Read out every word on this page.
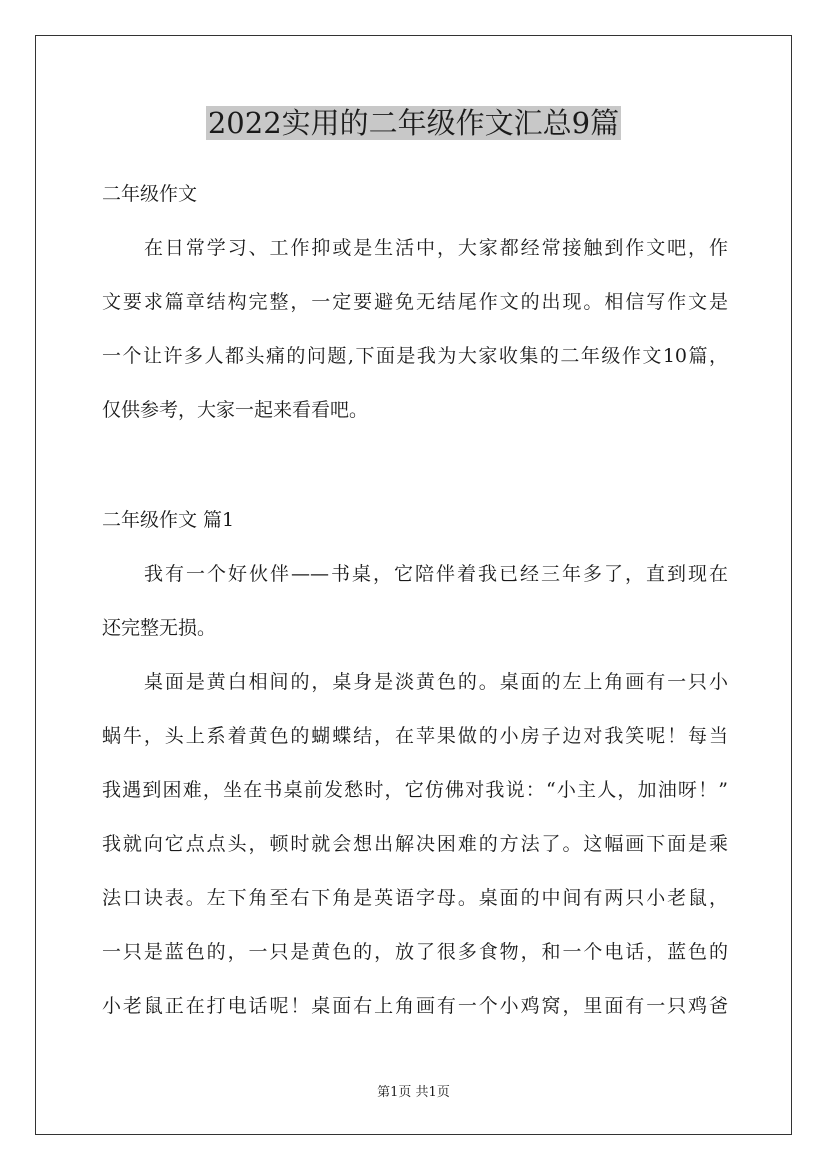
2022实用的二年级作文汇总9篇
二年级作文
在日常学习、工作抑或是生活中，大家都经常接触到作文吧，作
文要求篇章结构完整，一定要避免无结尾作文的出现。相信写作文是
一个让许多人都头痛的问题,下面是我为大家收集的二年级作文10篇，
仅供参考，大家一起来看看吧。
二年级作文 篇1
我有一个好伙伴——书桌，它陪伴着我已经三年多了，直到现在
还完整无损。
桌面是黄白相间的，桌身是淡黄色的。桌面的左上角画有一只小
蜗牛，头上系着黄色的蝴蝶结，在苹果做的小房子边对我笑呢！每当
我遇到困难，坐在书桌前发愁时，它仿佛对我说：“小主人，加油呀！”
我就向它点点头，顿时就会想出解决困难的方法了。这幅画下面是乘
法口诀表。左下角至右下角是英语字母。桌面的中间有两只小老鼠，
一只是蓝色的，一只是黄色的，放了很多食物，和一个电话，蓝色的
小老鼠正在打电话呢！桌面右上角画有一个小鸡窝，里面有一只鸡爸
第1页 共1页
